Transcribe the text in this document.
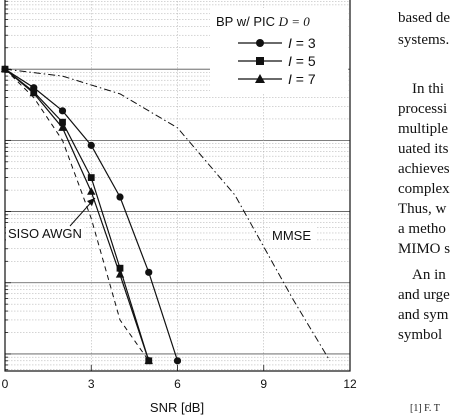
0	3	6	9	12
SNR [dB]
BP w/ PIC D = 0
I = 3
I = 5
I = 7
SISO AWGN	MMSE
based de
systems.
In thi
processi
multiple
uated its
achieves
complex
Thus, w
a metho
MIMO s
An in
and urge
and sym
symbol
[1] F. T
